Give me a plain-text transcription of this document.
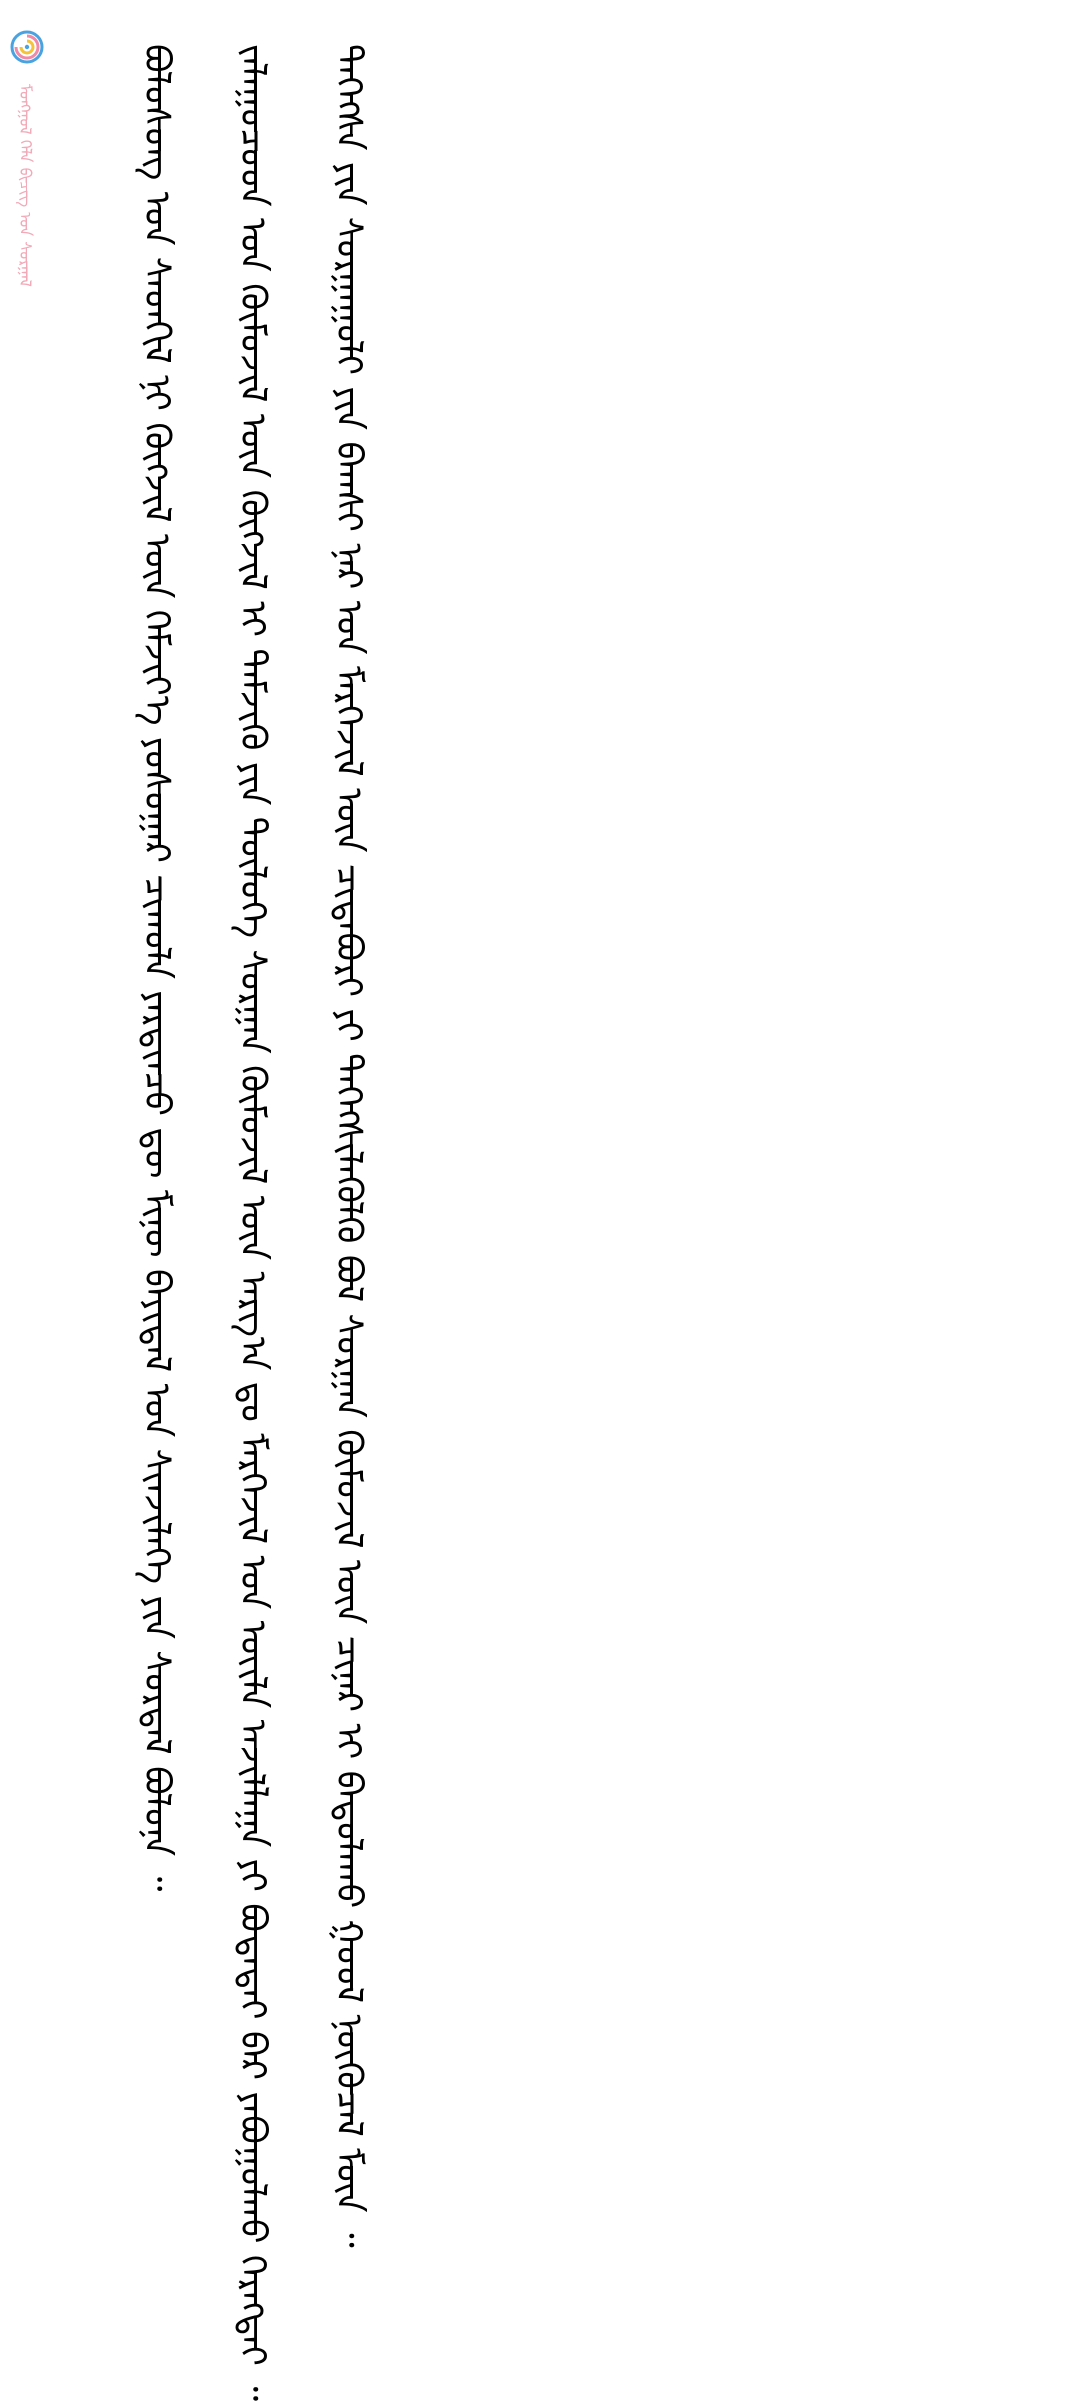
ᠮᠣᠩᠭᠣᠯ ᠬᠡᠯᠡ ᠪᠢᠴᠢᠭ ᠤᠨ ᠰᠤᠷᠭᠠᠯ	ᠪᠣᠯᠣᠰᠣᠩ ᠤᠨ ᠰᠡᠳᠬᠢᠯ ᠨᠢ ᠬᠥᠭᠵᠢᠯ ᠦᠨ ᠬᠡᠮᠵᠢᠶ᠎ᠡ ᠶᠣᠰᠣᠭᠠᠷ ᠴᠢᠬᠤᠯᠠ ᠶᠡᠷᠲᠢᠨᠴᠦ ᠳᠦ ᠮᠢᠨᠦ᠋ ᠪᠠᠶᠢᠳᠠᠯ ᠤᠨ ᠰᠢᠨᠵᠢᠯᠡᠭᠡ ᠶᠢᠨ ᠰᠤᠷᠲᠠᠯ ᠪᠣᠯᠤᠨᠠ ᠃	ᠵᠠᠯᠠᠭᠤᠴᠤᠳ ᠤᠨ ᠬᠦᠮᠦᠵᠢᠯ ᠦᠨ ᠬᠥᠭᠵᠢᠯ ᠢ ᠳᠡᠮᠵᠢᠬᠦ ᠶᠢᠨ ᠲᠥᠯᠦᠭᠡ ᠰᠤᠷᠭᠠᠨ ᠬᠥᠮᠦᠵᠢᠯ ᠦᠨ ᠠᠷᠭ᠎ᠠ ᠳᠤ ᠮᠡᠷᠭᠡᠵᠢᠯ ᠤᠨ ᠦᠢᠯᠡ ᠠᠵᠢᠯᠯᠠᠭᠠ ᠶᠢ ᠪᠣᠳᠠᠲᠠᠢ ᠪᠡᠷ ᠶᠠᠪᠤᠭᠤᠯᠬᠤ ᠬᠡᠷᠡᠭᠲᠡᠢ ᠃	ᠲᠡᠭᠡᠭᠰᠡ ᠶᠢᠨ ᠰᠤᠷᠭᠠᠭᠤᠯᠢ ᠶᠢᠨ ᠪᠠᠭᠰᠢ ᠨᠠᠷ ᠤᠨ ᠮᠡᠷᠭᠡᠵᠢᠯ ᠦᠨ ᠴᠢᠳᠠᠪᠤᠷᠢ ᠶᠢ ᠳᠡᠭᠡᠭᠰᠢᠯᠡᠭᠦᠯᠬᠦ ᠪᠣᠯ ᠰᠤᠷᠭᠠᠨ ᠬᠥᠮᠦᠵᠢᠯ ᠦᠨ ᠴᠢᠨᠠᠷ ᠢ ᠪᠠᠲᠤᠯᠠᠬᠤ ᠭᠣᠣᠯ ᠨᠥᠬᠦᠴᠡᠯ ᠮᠥᠨ ᠃
